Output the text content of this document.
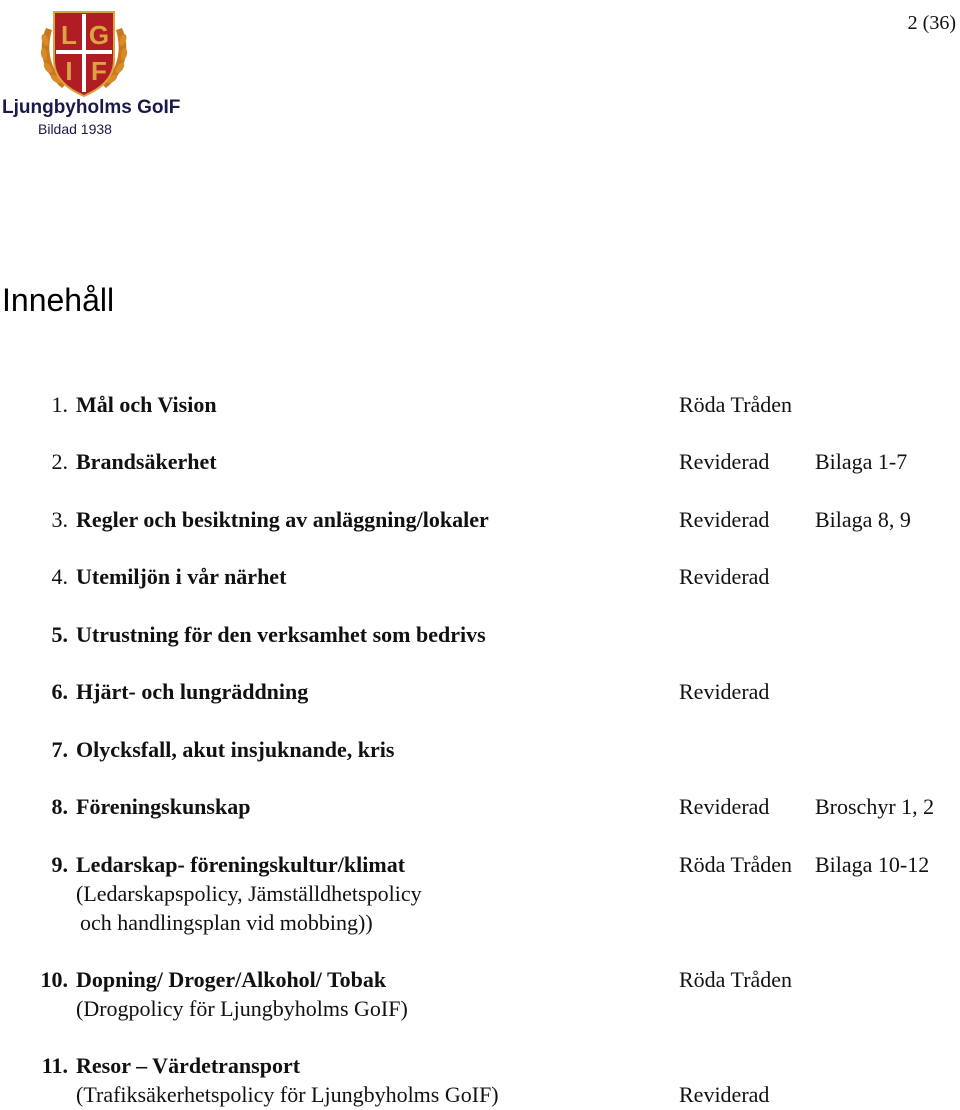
L G
I F
Ljungbyholms GoIF
Bildad 1938
2 (36)
Innehåll
1. Mål och Vision	Röda Tråden
2. Brandsäkerhet	Reviderad Bilaga 1-7
3. Regler och besiktning av anläggning/lokaler	Reviderad Bilaga 8, 9
4. Utemiljön i vår närhet	Reviderad
5. Utrustning för den verksamhet som bedrivs
6. Hjärt- och lungräddning	Reviderad
7. Olycksfall, akut insjuknande, kris
8. Föreningskunskap	Reviderad Broschyr 1, 2
9. Ledarskap- föreningskultur/klimat	Röda Tråden Bilaga 10-12
(Ledarskapspolicy, Jämställdhetspolicy
och handlingsplan vid mobbing))
10. Dopning/ Droger/Alkohol/ Tobak	Röda Tråden
(Drogpolicy för Ljungbyholms GoIF)
11. Resor – Värdetransport
(Trafiksäkerhetspolicy för Ljungbyholms GoIF)	Reviderad
